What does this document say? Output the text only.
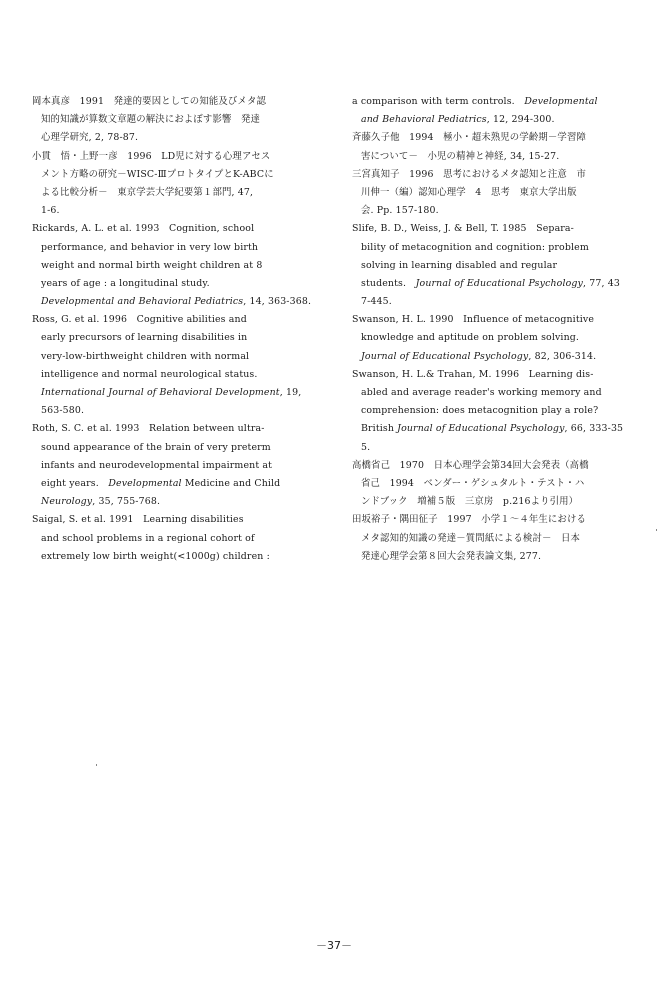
岡本真彦　1991　発達的要因としての知能及びメタ認
知的知識が算数文章題の解決におよぼす影響　発達
心理学研究, 2, 78-87.
小貫　悟・上野一彦　1996　LD児に対する心理アセス
メント方略の研究－WISC-ⅢプロトタイプとK-ABCに
よる比較分析－　東京学芸大学紀要第１部門, 47,
1-6.
Rickards, A. L. et al. 1993　Cognition, school
performance, and behavior in very low birth
weight and normal birth weight children at 8
years of age : a longitudinal study.
Developmental and Behavioral Pediatrics, 14, 363-368.
Ross, G. et al. 1996　Cognitive abilities and
early precursors of learning disabilities in
very-low-birthweight children with normal
intelligence and normal neurological status.
International Journal of Behavioral Development, 19,
563-580.
Roth, S. C. et al. 1993　Relation between ultra-
sound appearance of the brain of very preterm
infants and neurodevelopmental impairment at
eight years.　Developmental Medicine and Child
Neurology, 35, 755-768.
Saigal, S. et al. 1991　Learning disabilities
and school problems in a regional cohort of
extremely low birth weight(<1000g) children :
a comparison with term controls.　Developmental
and Behavioral Pediatrics, 12, 294-300.
斉藤久子他　1994　極小・超未熟児の学齢期－学習障
害について－　小児の精神と神経, 34, 15-27.
三宮真知子　1996　思考におけるメタ認知と注意　市
川伸一（編）認知心理学　4　思考　東京大学出版
会. Pp. 157-180.
Slife, B. D., Weiss, J. & Bell, T. 1985　Separa-
bility of metacognition and cognition: problem
solving in learning disabled and regular
students.　Journal of Educational Psychology, 77, 43
7-445.
Swanson, H. L. 1990　Influence of metacognitive
knowledge and aptitude on problem solving.
Journal of Educational Psychology, 82, 306-314.
Swanson, H. L.& Trahan, M. 1996　Learning dis-
abled and average reader's working memory and
comprehension: does metacognition play a role?
British Journal of Educational Psychology, 66, 333-35
5.
高橋省己　1970　日本心理学会第34回大会発表（高橋
省己　1994　ベンダー・ゲシュタルト・テスト・ハ
ンドブック　増補５版　三京房　p.216より引用）
田坂裕子・隅田征子　1997　小学１～４年生における
メタ認知的知識の発達－質問紙による検討－　日本
発達心理学会第８回大会発表論文集, 277.
－37－
